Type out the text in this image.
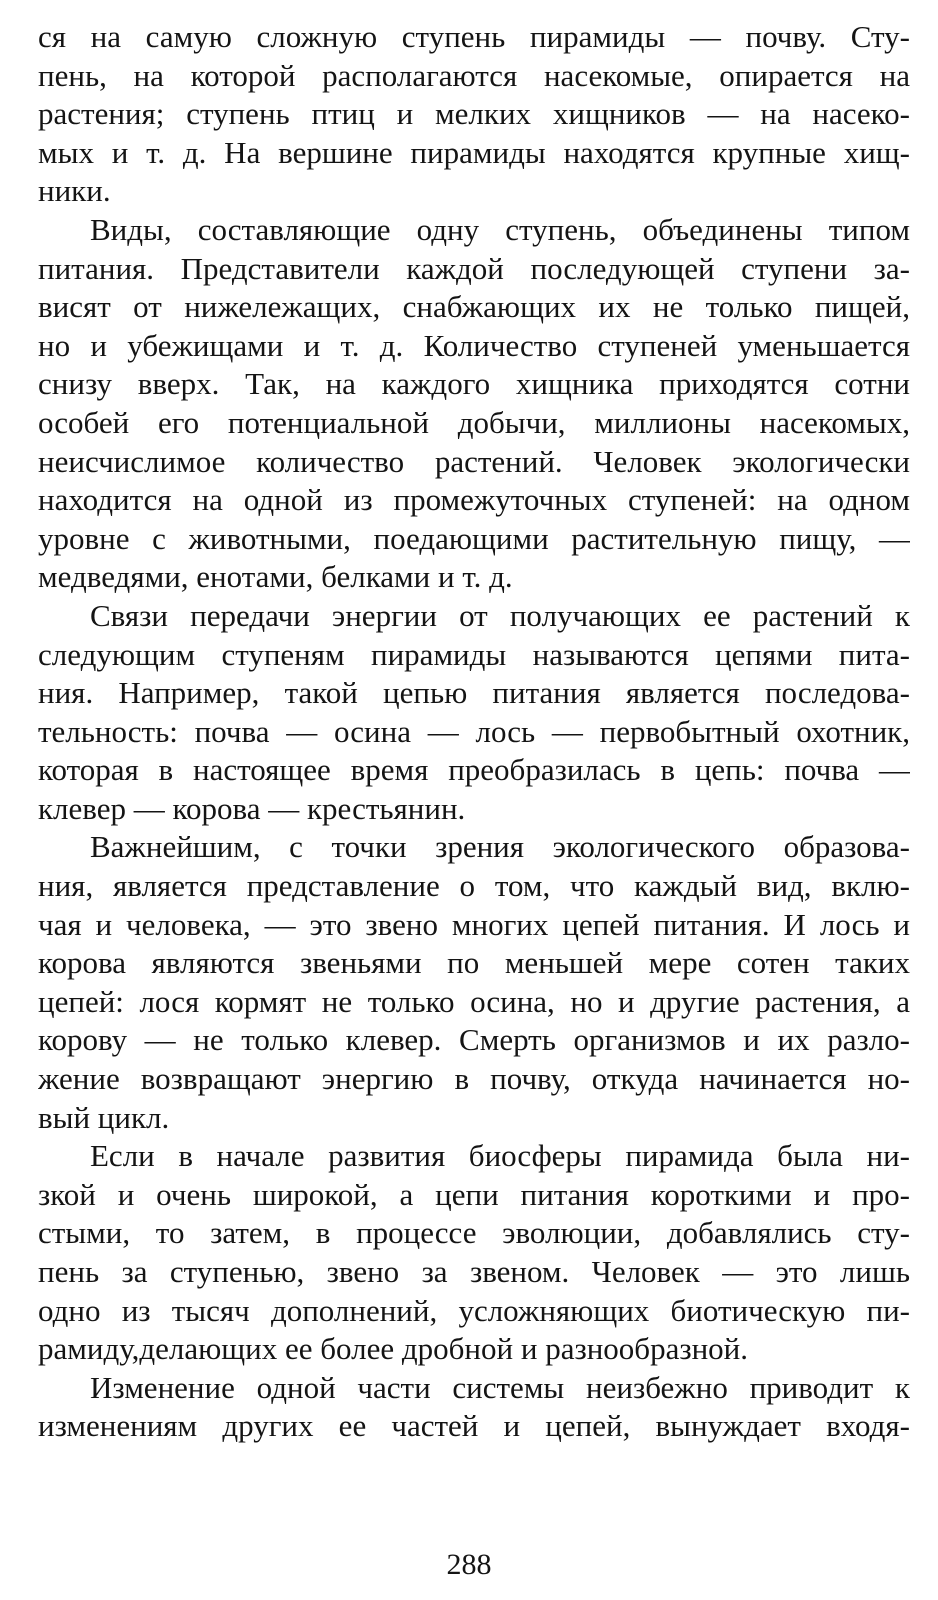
ся на самую сложную ступень пирамиды — почву. Сту-
пень, на которой располагаются насекомые, опирается на
растения; ступень птиц и мелких хищников — на насеко-
мых и т. д. На вершине пирамиды находятся крупные хищ-
ники.
Виды, составляющие одну ступень, объединены типом
питания. Представители каждой последующей ступени за-
висят от нижележащих, снабжающих их не только пищей,
но и убежищами и т. д. Количество ступеней уменьшается
снизу вверх. Так, на каждого хищника приходятся сотни
особей его потенциальной добычи, миллионы насекомых,
неисчислимое количество растений. Человек экологически
находится на одной из промежуточных ступеней: на одном
уровне с животными, поедающими растительную пищу, —
медведями, енотами, белками и т. д.
Связи передачи энергии от получающих ее растений к
следующим ступеням пирамиды называются цепями пита-
ния. Например, такой цепью питания является последова-
тельность: почва — осина — лось — первобытный охотник,
которая в настоящее время преобразилась в цепь: почва —
клевер — корова — крестьянин.
Важнейшим, с точки зрения экологического образова-
ния, является представление о том, что каждый вид, вклю-
чая и человека, — это звено многих цепей питания. И лось и
корова являются звеньями по меньшей мере сотен таких
цепей: лося кормят не только осина, но и другие растения, а
корову — не только клевер. Смерть организмов и их разло-
жение возвращают энергию в почву, откуда начинается но-
вый цикл.
Если в начале развития биосферы пирамида была ни-
зкой и очень широкой, а цепи питания короткими и про-
стыми, то затем, в процессе эволюции, добавлялись сту-
пень за ступенью, звено за звеном. Человек — это лишь
одно из тысяч дополнений, усложняющих биотическую пи-
рамиду,делающих ее более дробной и разнообразной.
Изменение одной части системы неизбежно приводит к
изменениям других ее частей и цепей, вынуждает входя-
288
